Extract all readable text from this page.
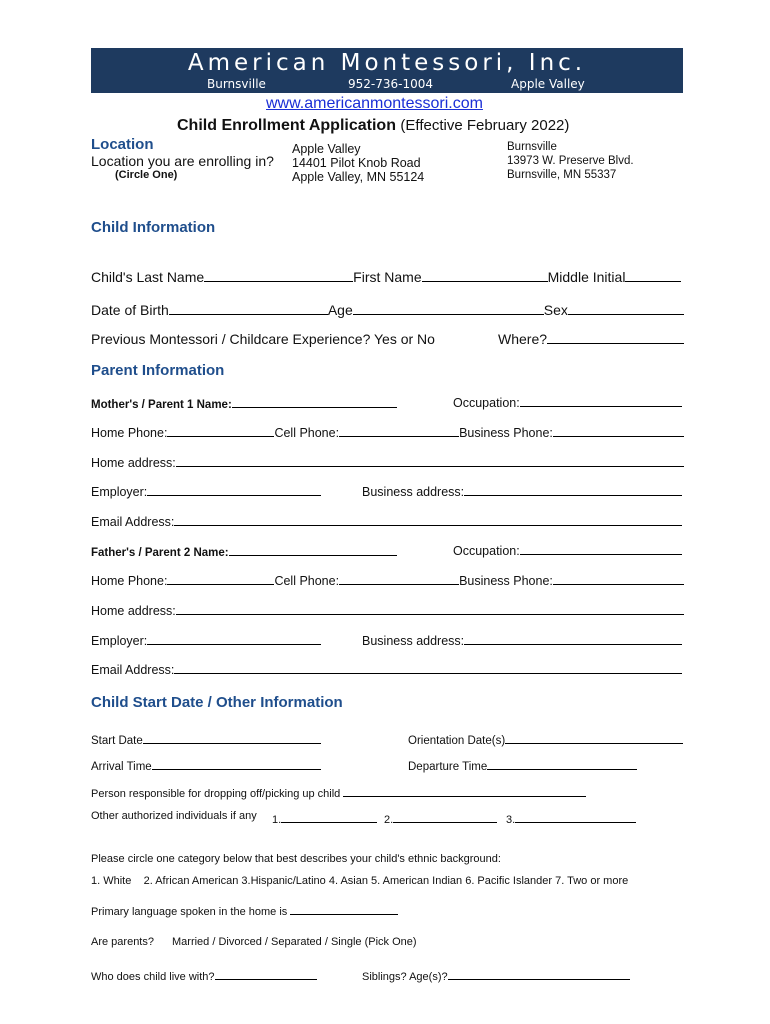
American Montessori, Inc.
Burnsville	952-736-1004	Apple Valley
www.americanmontessori.com
Child Enrollment Application (Effective February 2022)
Location
Location you are enrolling in?
(Circle One)
Apple Valley
14401 Pilot Knob Road
Apple Valley, MN 55124
Burnsville
13973 W. Preserve Blvd.
Burnsville, MN 55337
Child Information
Child's Last Name	First Name	Middle Initial
Date of Birth	Age	Sex
Previous Montessori / Childcare Experience? Yes or No	Where?
Parent Information
Mother's / Parent 1 Name:	Occupation:
Home Phone:	Cell Phone:	Business Phone:
Home address:
Employer:	Business address:
Email Address:
Father's / Parent 2 Name:	Occupation:
Home Phone:	Cell Phone:	Business Phone:
Home address:
Employer:	Business address:
Email Address:
Child Start Date / Other Information
Start Date	Orientation Date(s)
Arrival Time	Departure Time
Person responsible for dropping off/picking up child
Other authorized individuals if any 1.	2.	3.
Please circle one category below that best describes your child's ethnic background:
1. White    2. African American 3.Hispanic/Latino 4. Asian 5. American Indian 6. Pacific Islander 7. Two or more
Primary language spoken in the home is
Are parents? Married / Divorced / Separated / Single (Pick One)
Who does child live with?	Siblings? Age(s)?
